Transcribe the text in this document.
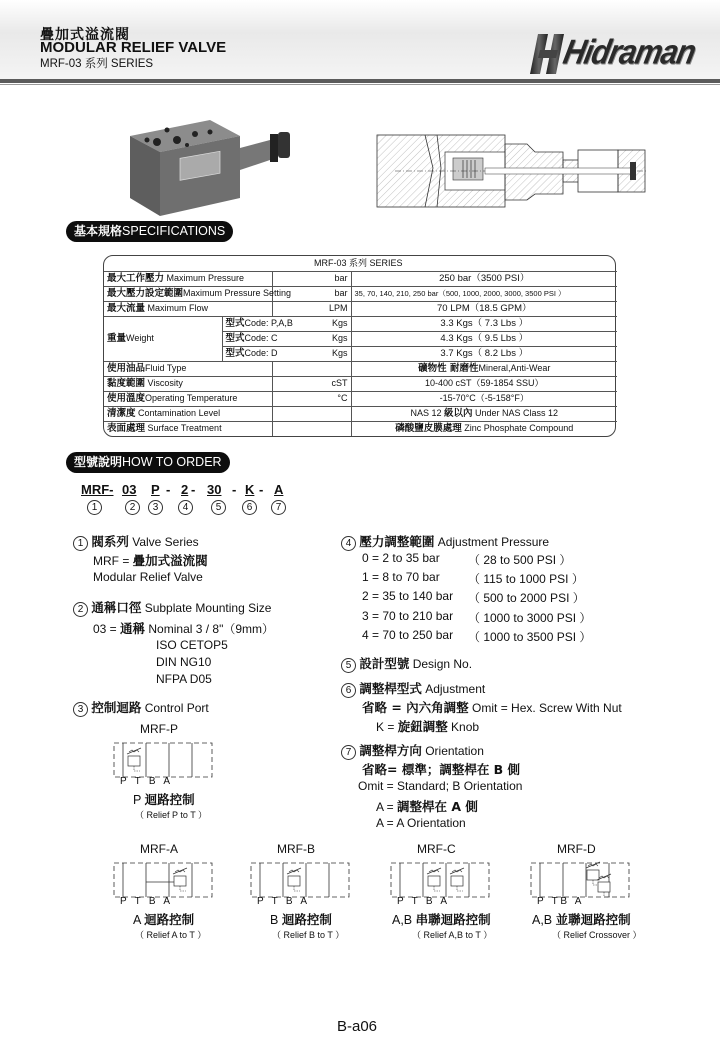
疊加式溢流閥
MODULAR RELIEF VALVE
MRF-03 系列 SERIES	Hidraman
基本規格SPECIFICATIONS
MRF-03 系列 SERIES			
最大工作壓力 Maximum Pressure		bar	250 bar（3500 PSI）
最大壓力設定範圍Maximum Pressure Setting		bar	35, 70, 140, 210, 250 bar（500, 1000, 2000, 3000, 3500 PSI ）
最大流量 Maximum Flow		LPM	70 LPM（18.5 GPM）
重量Weight	型式Code: P,A,B	Kgs	3.3 Kgs（ 7.3 Lbs ）
	型式Code: C	Kgs	4.3 Kgs（ 9.5 Lbs ）
	型式Code: D	Kgs	3.7 Kgs（ 8.2 Lbs ）
使用油品Fluid Type			礦物性 耐磨性Mineral,Anti-Wear
黏度範圍 Viscosity		cST	10-400 cST（59-1854 SSU）
使用溫度Operating Temperature		°C	-15-70°C（-5-158°F）
清潔度 Contamination Level			NAS 12 級以內 Under NAS Class 12
表面處理 Surface Treatment			磷酸鹽皮膜處理 Zinc Phosphate Compound
型號說明HOW TO ORDER
MRF- 03 P - 2 - 30 - K - A
1	2	3	4	5	6	7
1 閥系列 Valve Series
MRF = 疊加式溢流閥
Modular Relief Valve
2 通稱口徑 Subplate Mounting Size
03 = 通稱 Nominal 3 / 8"（9mm）
ISO CETOP5
DIN NG10
NFPA D05
3 控制迴路 Control Port
4 壓力調整範圍 Adjustment Pressure
0 = 2 to 35 bar （ 28 to 500 PSI ）
1 = 8 to 70 bar （ 115 to 1000 PSI ）
2 = 35 to 140 bar （ 500 to 2000 PSI ）
3 = 70 to 210 bar （ 1000 to 3000 PSI ）
4 = 70 to 250 bar （ 1000 to 3500 PSI ）
5 設計型號 Design No.
6 調整桿型式 Adjustment
省略 = 內六角調整 Omit = Hex. Screw With Nut
K = 旋鈕調整 Knob
7 調整桿方向 Orientation
省略= 標準；調整桿在 B 側
Omit = Standard; B Orientation
A = 調整桿在 A 側
A = A Orientation
MRF-P
P   T   B   A
P 迴路控制
（ Relief P to T ）
MRF-A
P   T   B   A
A 迴路控制
（ Relief A to T ）
MRF-B
P   T   B   A
B 迴路控制
（ Relief B to T ）
MRF-C
P   T   B   A
A,B 串聯迴路控制
（ Relief A,B to T ）
MRF-D
P   T B   A
A,B 並聯迴路控制
（ Relief Crossover ）
B-a06
